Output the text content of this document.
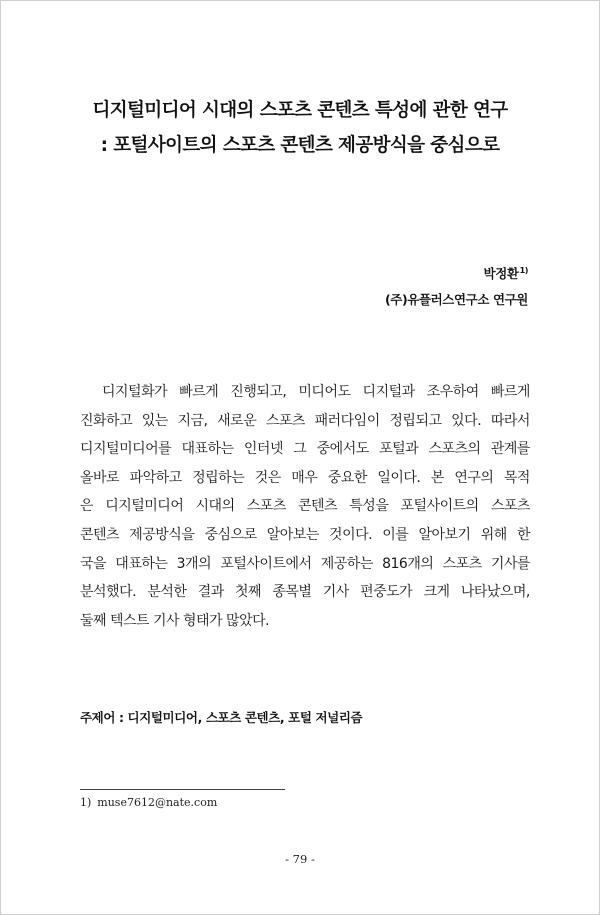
디지털미디어 시대의 스포츠 콘텐츠 특성에 관한 연구
: 포털사이트의 스포츠 콘텐츠 제공방식을 중심으로
박정환$^{1)}$
(주)유플러스연구소 연구원
디지털화가 빠르게 진행되고, 미디어도 디지털과 조우하여 빠르게
진화하고 있는 지금, 새로운 스포츠 패러다임이 정립되고 있다. 따라서
디지털미디어를 대표하는 인터넷 그 중에서도 포털과 스포츠의 관계를
올바로 파악하고 정립하는 것은 매우 중요한 일이다. 본 연구의 목적
은 디지털미디어 시대의 스포츠 콘텐츠 특성을 포털사이트의 스포츠
콘텐츠 제공방식을 중심으로 알아보는 것이다. 이를 알아보기 위해 한
국을 대표하는 3개의 포털사이트에서 제공하는 816개의 스포츠 기사를
분석했다. 분석한 결과 첫째 종목별 기사 편중도가 크게 나타났으며,
둘째 텍스트 기사 형태가 많았다.
주제어 : 디지털미디어, 스포츠 콘텐츠, 포털 저널리즘
1) muse7612@nate.com
- 79 -
